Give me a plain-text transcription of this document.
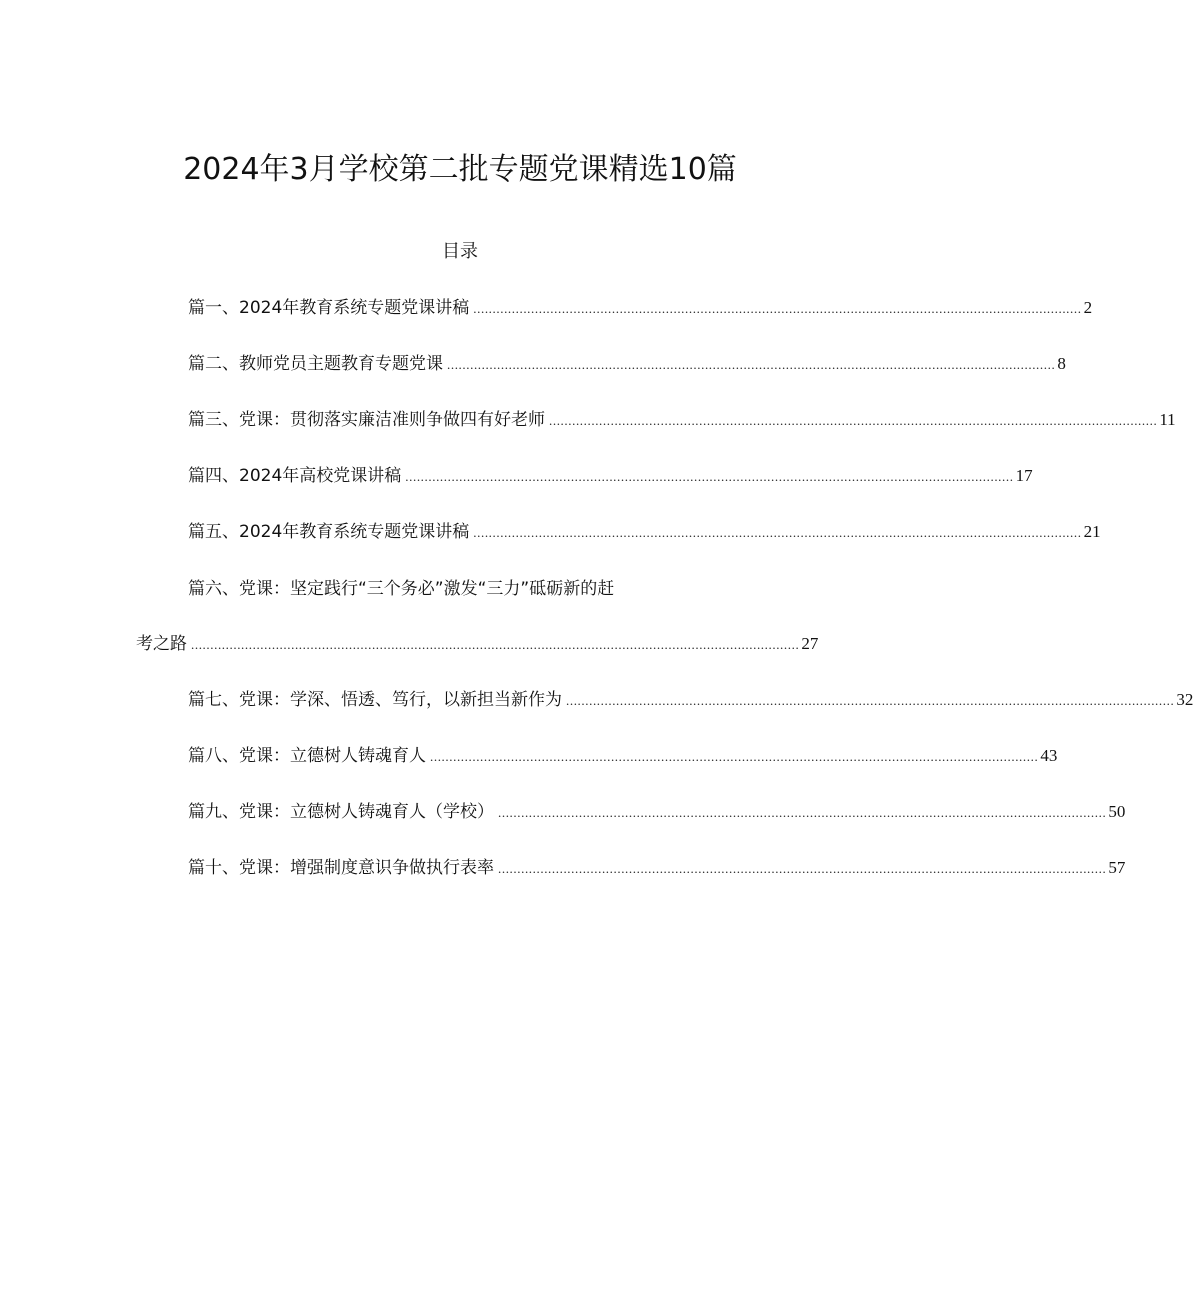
2024年3月学校第二批专题党课精选10篇
目录
篇一、2024年教育系统专题党课讲稿 .............................................................................................................................................................. 2
篇二、教师党员主题教育专题党课 .............................................................................................................................................................. 8
篇三、党课：贯彻落实廉洁准则争做四有好老师 .............................................................................................................................................................. 11
篇四、2024年高校党课讲稿 .............................................................................................................................................................. 17
篇五、2024年教育系统专题党课讲稿 .............................................................................................................................................................. 21
篇六、党课：坚定践行“三个务必”激发“三力”砥砺新的赶
考之路 .............................................................................................................................................................. 27
篇七、党课：学深、悟透、笃行，以新担当新作为 .............................................................................................................................................................. 32
篇八、党课：立德树人铸魂育人 .............................................................................................................................................................. 43
篇九、党课：立德树人铸魂育人（学校） .............................................................................................................................................................. 50
篇十、党课：增强制度意识争做执行表率 .............................................................................................................................................................. 57
